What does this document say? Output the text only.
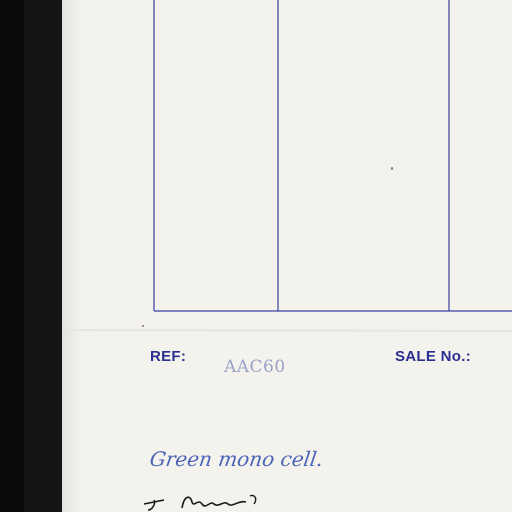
REF:

AAC60

SALE No.:

Green mono cell.
